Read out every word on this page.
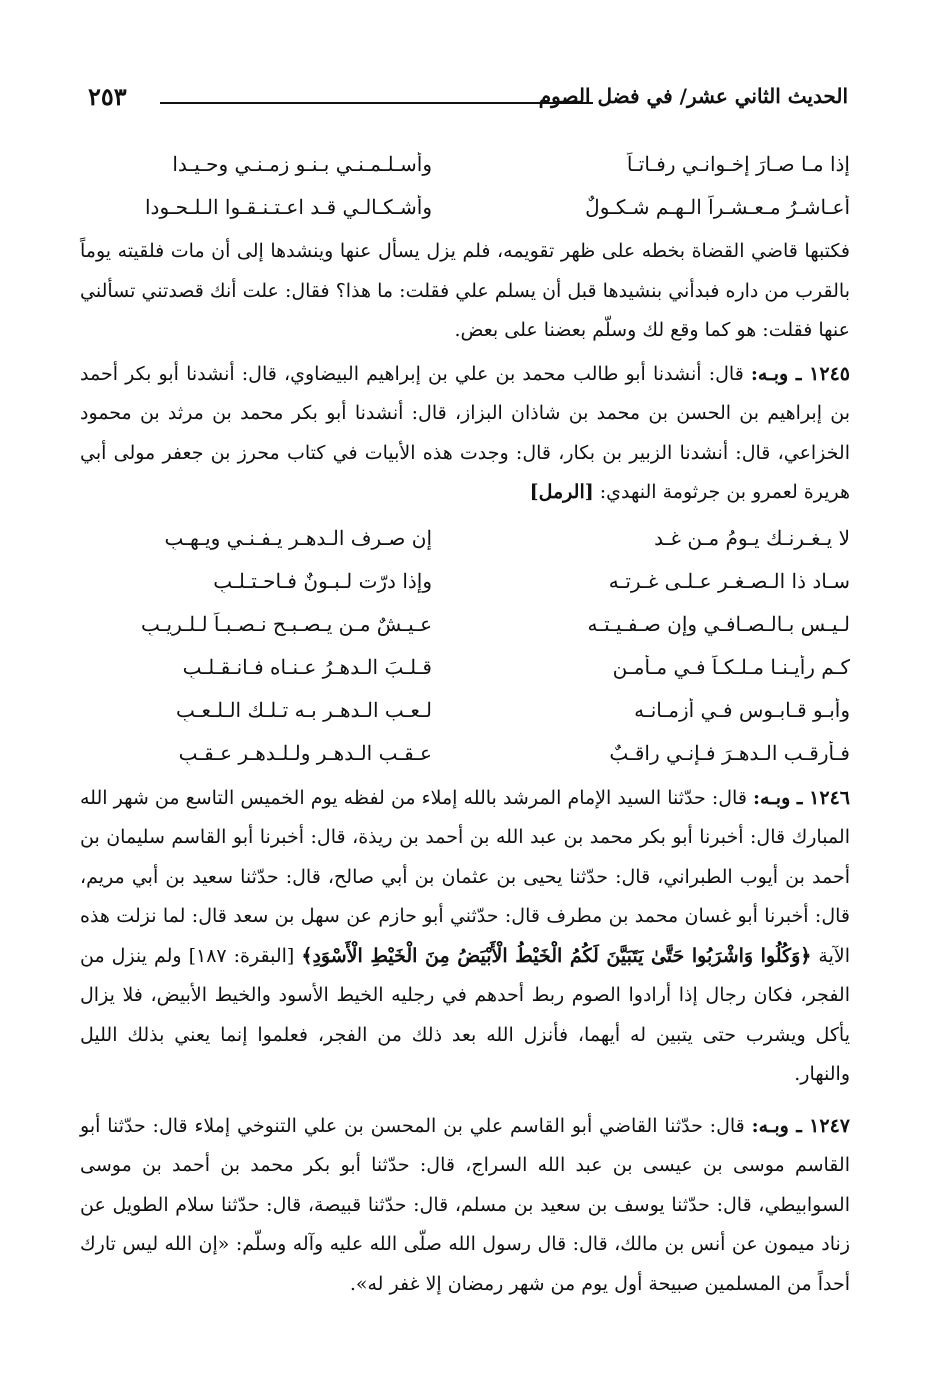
الحديث الثاني عشر/ في فضل الصوم
٢٥٣
إذا مـا صـارَ إخـوانـي رفـاتـاً
وأسـلـمـنـي بـنـو زمـنـي وحـيـدا
أعـاشـرُ مـعـشـراً الـهـم شـكـولٌ
وأشـكـالـي قـد اعـتـنـقـوا الـلـحـودا

فكتبها قاضي القضاة بخطه على ظهر تقويمه، فلم يزل يسأل عنها وينشدها إلى أن مات فلقيته يوماً بالقرب من داره فبدأني بنشيدها قبل أن يسلم علي فقلت: ما هذا؟ فقال: علت أنك قصدتني تسألني عنها فقلت: هو كما وقع لك وسلّم بعضنا على بعض.

١٢٤٥ ـ وبـه: قال: أنشدنا أبو طالب محمد بن علي بن إبراهيم البيضاوي، قال: أنشدنا أبو بكر أحمد بن إبراهيم بن الحسن بن محمد بن شاذان البزاز، قال: أنشدنا أبو بكر محمد بن مرثد بن محمود الخزاعي، قال: أنشدنا الزبير بن بكار، قال: وجدت هذه الأبيات في كتاب محرز بن جعفر مولى أبي هريرة لعمرو بن جرثومة النهدي: [الرمل]

لا يـغـرنـك يـومُ مـن غـد
إن صـرف الـدهـر يـفـنـي ويـهـبِ
سـاد ذا الـصـغـر عـلـى غـرتـه
وإذا درّت لـبـونٌ فـاحـتـلـبِ
لـيـس بـالـصـافـي وإن صـفـيـتـه
عـيـشٌ مـن يـصـبـح نـصـبـاً لـلـريـبِ
كـم رأيـنـا مـلـكـاً فـي مـأمـن
قـلـبَ الـدهـرُ عـنـاه فـانـقـلـبِ
وأبـو قـابـوس فـي أزمـانـه
لـعـب الـدهـر بـه تـلـك الـلـعـبِ
فـأرقـب الـدهـرَ فـإنـي راقـبٌ
عـقـب الـدهـر ولـلـدهـر عـقـبِ

١٢٤٦ ـ وبـه: قال: حدّثنا السيد الإمام المرشد بالله إملاء من لفظه يوم الخميس التاسع من شهر الله المبارك قال: أخبرنا أبو بكر محمد بن عبد الله بن أحمد بن ريذة، قال: أخبرنا أبو القاسم سليمان بن أحمد بن أيوب الطبراني، قال: حدّثنا يحيى بن عثمان بن أبي صالح، قال: حدّثنا سعيد بن أبي مريم، قال: أخبرنا أبو غسان محمد بن مطرف قال: حدّثني أبو حازم عن سهل بن سعد قال: لما نزلت هذه الآية ﴿وَكُلُوا وَاشْرَبُوا حَتَّىٰ يَتَبَيَّنَ لَكُمُ الْخَيْطُ الْأَبْيَضُ مِنَ الْخَيْطِ الْأَسْوَدِ﴾ [البقرة: ١٨٧] ولم ينزل من الفجر، فكان رجال إذا أرادوا الصوم ربط أحدهم في رجليه الخيط الأسود والخيط الأبيض، فلا يزال يأكل ويشرب حتى يتبين له أيهما، فأنزل الله بعد ذلك من الفجر، فعلموا إنما يعني بذلك الليل والنهار.

١٢٤٧ ـ وبـه: قال: حدّثنا القاضي أبو القاسم علي بن المحسن بن علي التنوخي إملاء قال: حدّثنا أبو القاسم موسى بن عيسى بن عبد الله السراج، قال: حدّثنا أبو بكر محمد بن أحمد بن موسى السوابيطي، قال: حدّثنا يوسف بن سعيد بن مسلم، قال: حدّثنا قبيصة، قال: حدّثنا سلام الطويل عن زناد ميمون عن أنس بن مالك، قال: قال رسول الله صلّى الله عليه وآله وسلّم: «إن الله ليس تارك أحداً من المسلمين صبيحة أول يوم من شهر رمضان إلا غفر له».
